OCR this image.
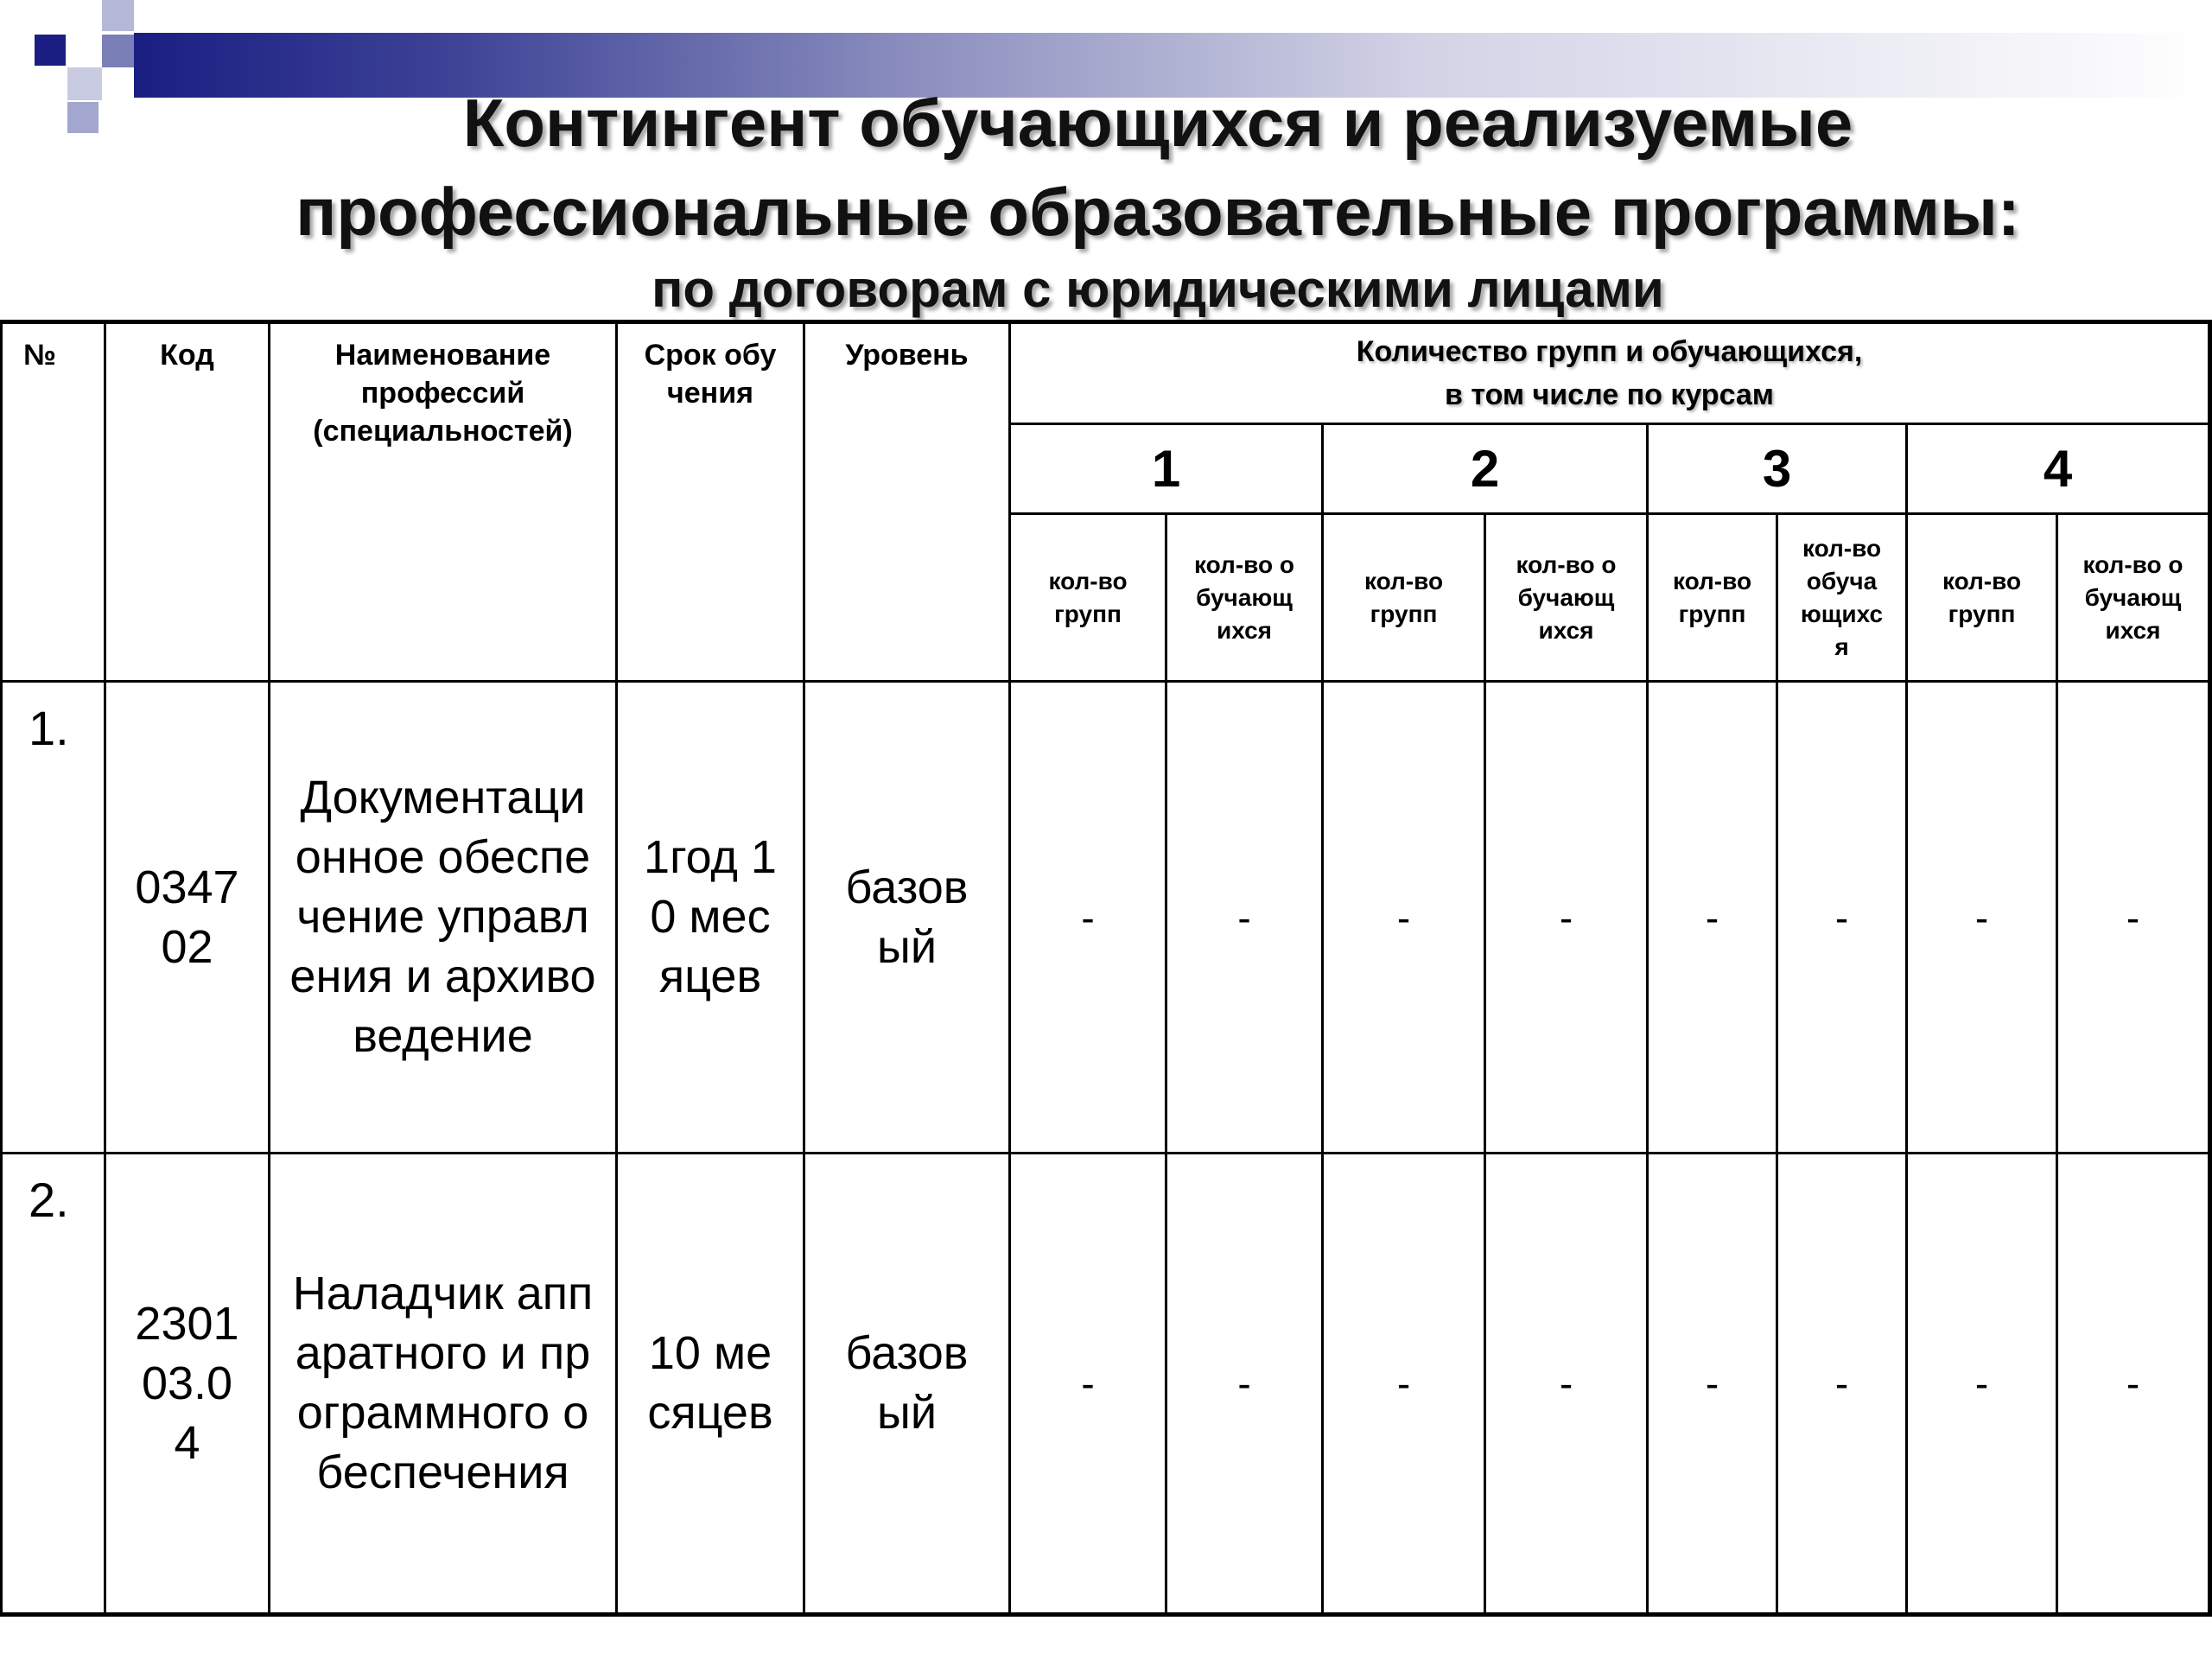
Контингент обучающихся и реализуемые
профессиональные образовательные программы:
по договорам с юридическими лицами
№	Код	Наименование профессий (специальностей)	Срок обучения	Уровень	Количество групп и обучающихся,
в том числе по курсам							

					1		2		3		4	

					кол-во групп	кол-во обучающихся	кол-во групп	кол-во обучающихся	кол-во групп	кол-во обучающихся	кол-во групп	кол-во обучающихся

1.	034702	Документационное обеспечение управления и архивоведение	1год 10 месяцев	базовый	-	-	-	-	-	-	-	-
2.	230103.04	Наладчик аппаратного и программного обеспечения	10 месяцев	базовый	-	-	-	-	-	-	-	-
